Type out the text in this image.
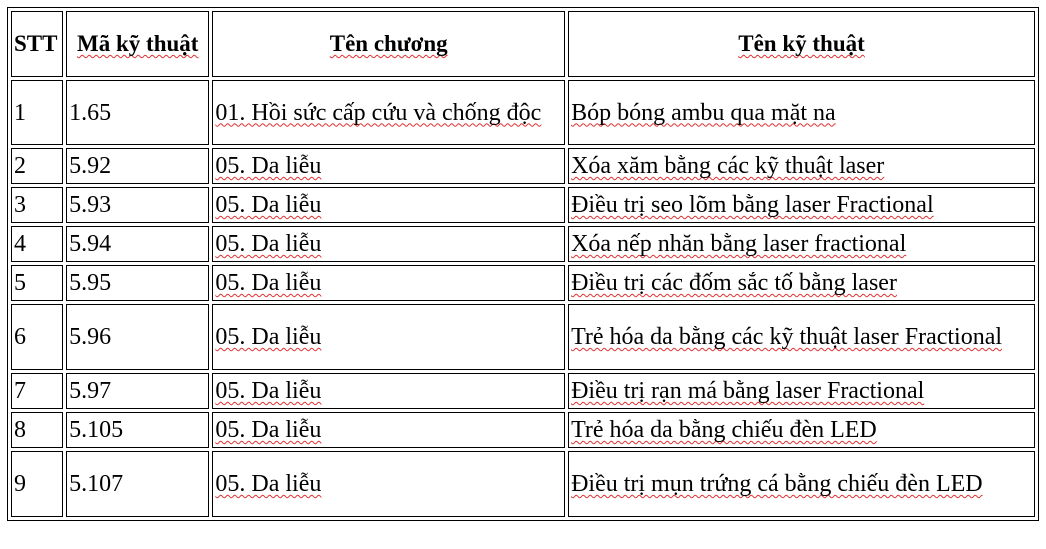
STT	Mã kỹ thuật	Tên chương	Tên kỹ thuật
1	1.65	01. Hồi sức cấp cứu và chống độc	Bóp bóng ambu qua mặt na
2	5.92	05. Da liễu	Xóa xăm bằng các kỹ thuật laser
3	5.93	05. Da liễu	Điều trị seo lõm bằng laser Fractional
4	5.94	05. Da liễu	Xóa nếp nhăn bằng laser fractional
5	5.95	05. Da liễu	Điều trị các đốm sắc tố bằng laser
6	5.96	05. Da liễu	Trẻ hóa da bằng các kỹ thuật laser Fractional
7	5.97	05. Da liễu	Điều trị rạn má bằng laser Fractional
8	5.105	05. Da liễu	Trẻ hóa da bằng chiếu đèn LED
9	5.107	05. Da liễu	Điều trị mụn trứng cá bằng chiếu đèn LED
